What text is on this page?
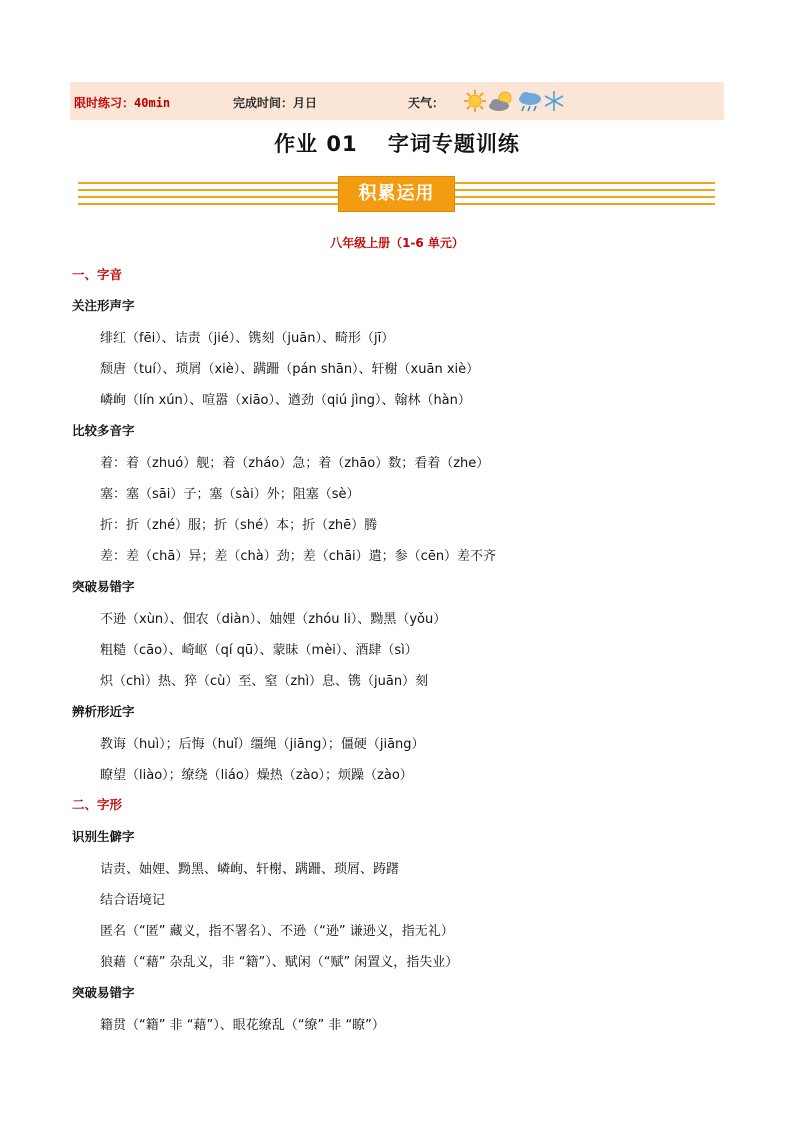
限时练习：40min	完成时间：月日	天气：
作业 01　 字词专题训练
积累运用
八年级上册（1-6 单元）
一、字音
关注形声字
绯红（fēi）、诘责（jié）、镌刻（juān）、畸形（jī）
颓唐（tuí）、琐屑（xiè）、蹒跚（pán shān）、轩榭（xuān xiè）
嶙峋（lín xún）、喧嚣（xiāo）、遒劲（qiú jìng）、翰林（hàn）
比较多音字
着：着（zhuó）舰；着（zháo）急；着（zhāo）数；看着（zhe）
塞：塞（sāi）子；塞（sài）外；阻塞（sè）
折：折（zhé）服；折（shé）本；折（zhē）腾
差：差（chā）异；差（chà）劲；差（chāi）遣；参（cēn）差不齐
突破易错字
不逊（xùn）、佃农（diàn）、妯娌（zhóu li）、黝黑（yǒu）
粗糙（cāo）、崎岖（qí qū）、蒙昧（mèi）、酒肆（sì）
炽（chì）热、猝（cù）至、窒（zhì）息、镌（juān）刻
辨析形近字
教诲（huì）；后悔（huǐ）缰绳（jiāng）；僵硬（jiāng）
瞭望（liào）；缭绕（liáo）燥热（zào）；烦躁（zào）
二、字形
识别生僻字
诘责、妯娌、黝黑、嶙峋、轩榭、蹒跚、琐屑、踌躇
结合语境记
匿名（“匿” 藏义，指不署名）、不逊（“逊” 谦逊义，指无礼）
狼藉（“藉” 杂乱义，非 “籍”）、赋闲（“赋” 闲置义，指失业）
突破易错字
籍贯（“籍” 非 “藉”）、眼花缭乱（“缭” 非 “瞭”）
